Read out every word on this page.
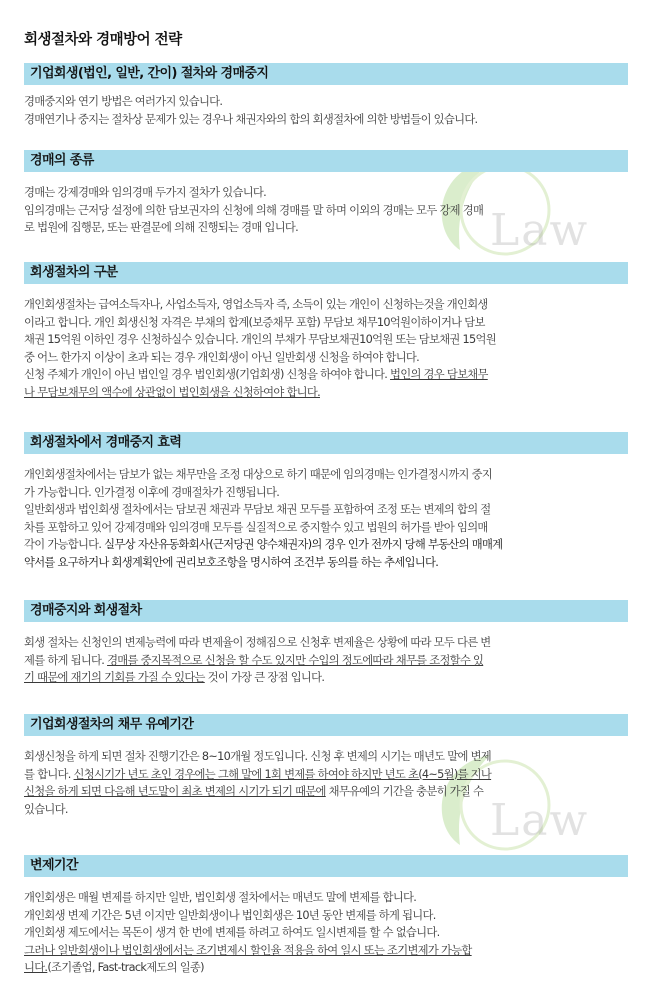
Law
Law
회생절차와 경매방어 전략
기업회생(법인, 일반, 간이) 절차와 경매중지
경매중지와 연기 방법은 여러가지 있습니다.
경매연기나 중지는 절차상 문제가 있는 경우나 채권자와의 합의 회생절차에 의한 방법들이 있습니다.
경매의 종류
경매는 강제경매와 임의경매 두가지 절차가 있습니다.
임의경매는 근저당 설정에 의한 담보권자의 신청에 의해 경매를 말 하며 이외의 경매는 모두 강제 경매
로 법원에 집행문, 또는 판결문에 의해 진행되는 경매 입니다.
회생절차의 구분
개인회생절차는 급여소득자나, 사업소득자, 영업소득자 즉, 소득이 있는 개인이 신청하는것을 개인회생
이라고 합니다. 개인 회생신청 자격은 부채의 합계(보증채무 포함) 무담보 채무10억원이하이거나 담보
채권 15억원 이하인 경우 신청하실수 있습니다. 개인의 부채가 무담보채권10억원 또는 담보채권 15억원
중 어느 한가지 이상이 초과 되는 경우 개인회생이 아닌 일반회생 신청을 하여야 합니다.
신청 주체가 개인이 아닌 법인일 경우 법인회생(기업회생) 신청을 하여야 합니다. 법인의 경우 담보채무
나 무담보채무의 액수에 상관없이 법인회생을 신청하여야 합니다.
회생절차에서 경매중지 효력
개인회생절차에서는 담보가 없는 채무만을 조정 대상으로 하기 때문에 임의경매는 인가결정시까지 중지
가 가능합니다. 인가결정 이후에 경매절차가 진행됩니다.
일반회생과 법인회생 절차에서는 담보권 채권과 무담보 채권 모두를 포함하여 조정 또는 변제의 합의 절
차를 포함하고 있어 강제경매와 임의경매 모두를 실질적으로 중지할수 있고 법원의 허가를 받아 임의매
각이 가능합니다. 실무상 자산유동화회사(근저당권 양수채권자)의 경우 인가 전까지 당해 부동산의 매매계
약서를 요구하거나 회생계획안에 권리보호조항을 명시하여 조건부 동의를 하는 추세입니다.
경매중지와 회생절차
회생 절차는 신청인의 변제능력에 따라 변제율이 정해짐으로 신청후 변제율은 상황에 따라 모두 다른 변
제를 하게 됩니다. 경매를 중지목적으로 신청을 할 수도 있지만 수입의 정도에따라 채무를 조정할수 있
기 때문에 재기의 기회를 가질 수 있다는 것이 가장 큰 장점 입니다.
기업회생절차의 채무 유예기간
회생신청을 하게 되면 절차 진행기간은 8~10개월 정도입니다. 신청 후 변제의 시기는 매년도 말에 변제
를 합니다. 신청시기가 년도 초인 경우에는 그해 말에 1회 변제를 하여야 하지만 년도 초(4~5월)를 지나
신청을 하게 되면 다음해 년도말이 최초 변제의 시기가 되기 때문에 채무유예의 기간을 충분히 가질 수
있습니다.
변제기간
개인회생은 매월 변제를 하지만 일반, 법인회생 절차에서는 매년도 말에 변제를 합니다.
개인회생 변제 기간은 5년 이지만 일반회생이나 법인회생은 10년 동안 변제를 하게 됩니다.
개인회생 제도에서는 목돈이 생겨 한 번에 변제를 하려고 하여도 일시변제를 할 수 없습니다.
그러나 일반회생이나 법인회생에서는 조기변제시 할인율 적용을 하여 일시 또는 조기변제가 가능합
니다.(조기졸업, Fast-track제도의 일종)
